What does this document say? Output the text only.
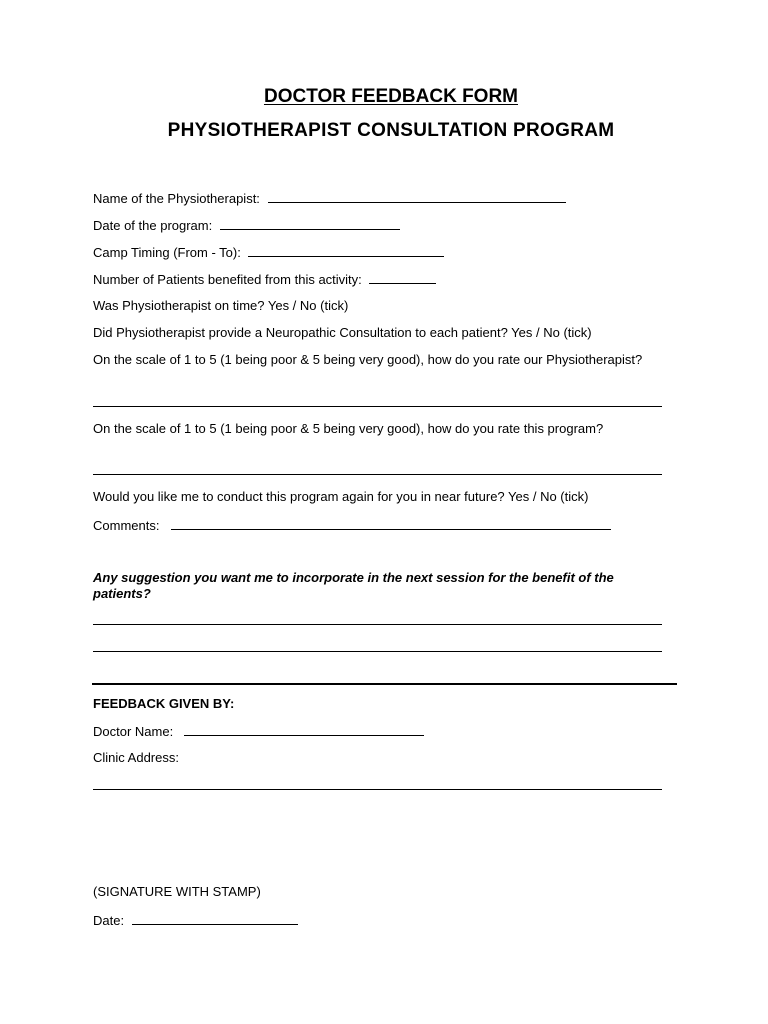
DOCTOR FEEDBACK FORM
PHYSIOTHERAPIST CONSULTATION PROGRAM
Name of the Physiotherapist:
Date of the program:
Camp Timing (From - To):
Number of Patients benefited from this activity:
Was Physiotherapist on time? Yes / No (tick)
Did Physiotherapist provide a Neuropathic Consultation to each patient? Yes / No (tick)
On the scale of 1 to 5 (1 being poor & 5 being very good), how do you rate our Physiotherapist?
On the scale of 1 to 5 (1 being poor & 5 being very good), how do you rate this program?
Would you like me to conduct this program again for you in near future? Yes / No (tick)
Comments:
Any suggestion you want me to incorporate in the next session for the benefit of the patients?
FEEDBACK GIVEN BY:
Doctor Name:
Clinic Address:
(SIGNATURE WITH STAMP)
Date:
